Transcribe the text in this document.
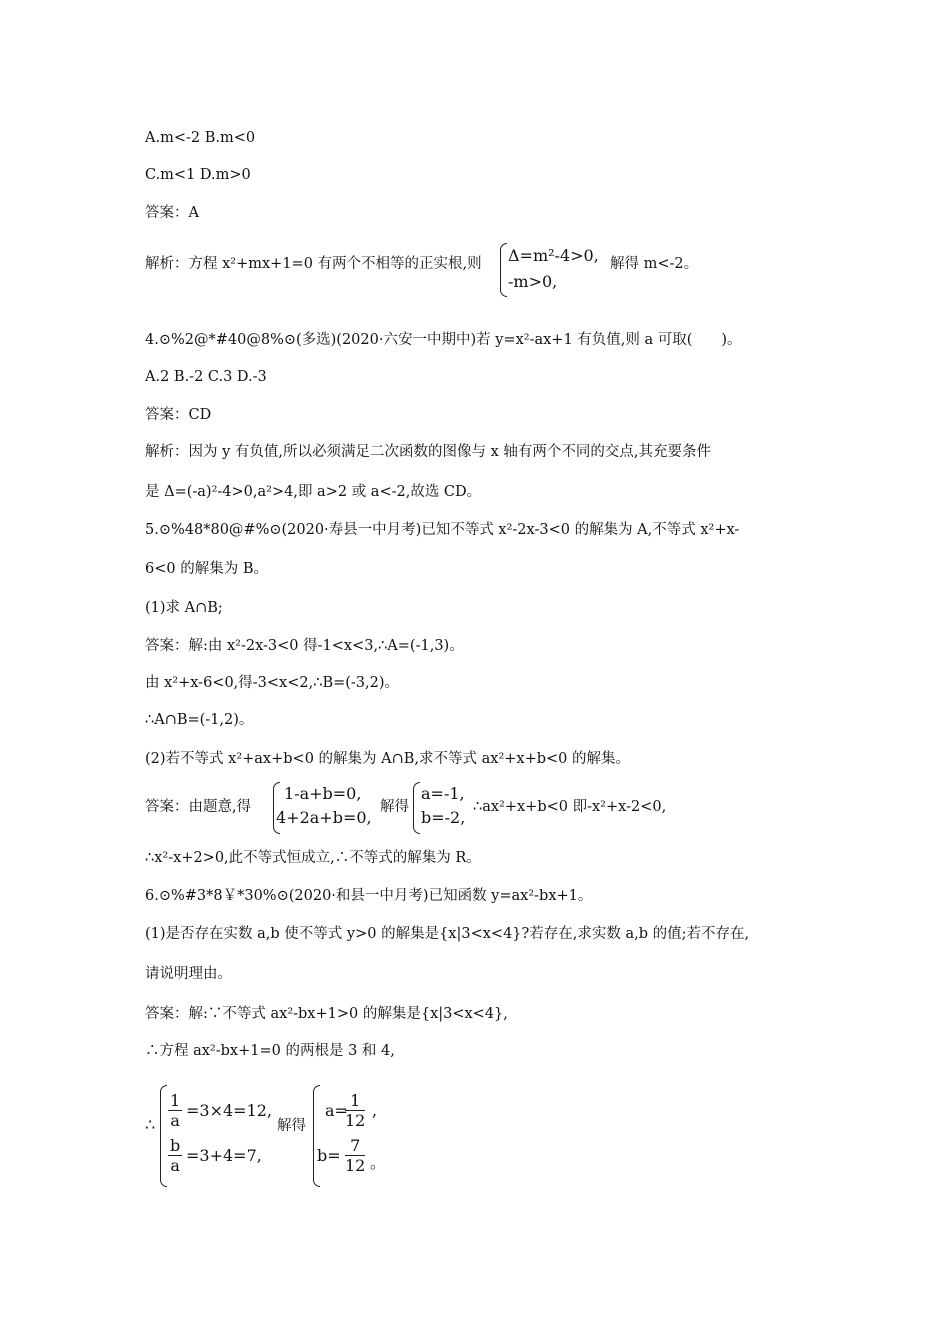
A.m<-2 B.m<0
C.m<1 D.m>0
答案：A
解析：方程 x²+mx+1=0 有两个不相等的正实根,则 Δ=m²-4>0,
-m>0,
解得 m<-2。
4.⊙%2@*#40@8%⊙(多选)(2020·六安一中期中)若 y=x²-ax+1 有负值,则 a 可取(　　)。
A.2 B.-2 C.3 D.-3
答案：CD
解析：因为 y 有负值,所以必须满足二次函数的图像与 x 轴有两个不同的交点,其充要条件
是 Δ=(-a)²-4>0,a²>4,即 a>2 或 a<-2,故选 CD。
5.⊙%48*80@#%⊙(2020·寿县一中月考)已知不等式 x²-2x-3<0 的解集为 A,不等式 x²+x-
6<0 的解集为 B。
(1)求 A∩B;
答案：解:由 x²-2x-3<0 得-1<x<3,∴A=(-1,3)。
由 x²+x-6<0,得-3<x<2,∴B=(-3,2)。
∴A∩B=(-1,2)。
(2)若不等式 x²+ax+b<0 的解集为 A∩B,求不等式 ax²+x+b<0 的解集。
答案：由题意,得
1-a+b=0,
4+2a+b=0,
解得
a=-1,
b=-2,
∴ax²+x+b<0 即-x²+x-2<0,
∴x²-x+2>0,此不等式恒成立,∴不等式的解集为 R。
6.⊙%#3*8￥*30%⊙(2020·和县一中月考)已知函数 y=ax²-bx+1。
(1)是否存在实数 a,b 使不等式 y>0 的解集是{x|3<x<4}?若存在,求实数 a,b 的值;若不存在,
请说明理由。
答案：解:∵不等式 ax²-bx+1>0 的解集是{x|3<x<4},
∴方程 ax²-bx+1=0 的两根是 3 和 4,
∴ $\frac{1}{a} =3\times 4=12$,
$\frac{b}{a} =3+4=7$,
解得
a=
$\frac{1}{12}$ ,
$b= \frac{7}{12}$ 。
